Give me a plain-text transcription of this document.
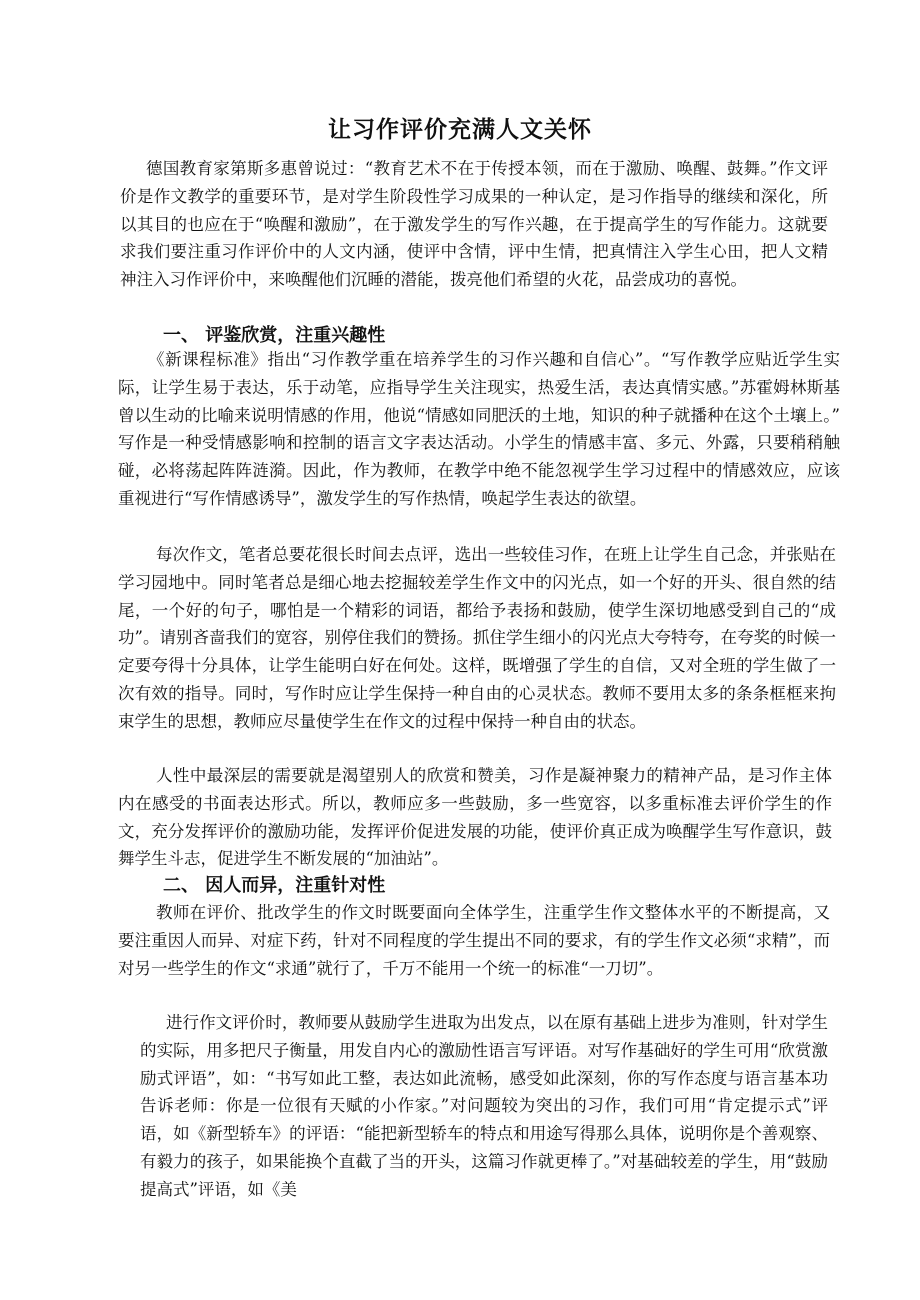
让习作评价充满人文关怀

德国教育家第斯多惠曾说过：“教育艺术不在于传授本领，而在于激励、唤醒、鼓舞。”作文评价是作文教学的重要环节，是对学生阶段性学习成果的一种认定，是习作指导的继续和深化，所以其目的也应在于“唤醒和激励”，在于激发学生的写作兴趣，在于提高学生的写作能力。这就要求我们要注重习作评价中的人文内涵，使评中含情，评中生情，把真情注入学生心田，把人文精神注入习作评价中，来唤醒他们沉睡的潜能，拨亮他们希望的火花，品尝成功的喜悦。

一、 评鉴欣赏，注重兴趣性

《新课程标准》指出“习作教学重在培养学生的习作兴趣和自信心”。“写作教学应贴近学生实际，让学生易于表达，乐于动笔，应指导学生关注现实，热爱生活，表达真情实感。”苏霍姆林斯基曾以生动的比喻来说明情感的作用，他说“情感如同肥沃的土地，知识的种子就播种在这个土壤上。” 写作是一种受情感影响和控制的语言文字表达活动。小学生的情感丰富、多元、外露，只要稍稍触碰，必将荡起阵阵涟漪。因此，作为教师，在教学中绝不能忽视学生学习过程中的情感效应，应该重视进行“写作情感诱导”，激发学生的写作热情，唤起学生表达的欲望。

每次作文，笔者总要花很长时间去点评，选出一些较佳习作，在班上让学生自己念，并张贴在学习园地中。同时笔者总是细心地去挖掘较差学生作文中的闪光点，如一个好的开头、很自然的结尾，一个好的句子，哪怕是一个精彩的词语，都给予表扬和鼓励，使学生深切地感受到自己的“成功”。请别吝啬我们的宽容，别停住我们的赞扬。抓住学生细小的闪光点大夸特夸，在夸奖的时候一定要夸得十分具体，让学生能明白好在何处。这样，既增强了学生的自信，又对全班的学生做了一次有效的指导。同时，写作时应让学生保持一种自由的心灵状态。教师不要用太多的条条框框来拘束学生的思想，教师应尽量使学生在作文的过程中保持一种自由的状态。

人性中最深层的需要就是渴望别人的欣赏和赞美，习作是凝神聚力的精神产品，是习作主体内在感受的书面表达形式。所以，教师应多一些鼓励，多一些宽容，以多重标准去评价学生的作文，充分发挥评价的激励功能，发挥评价促进发展的功能，使评价真正成为唤醒学生写作意识，鼓舞学生斗志，促进学生不断发展的“加油站”。

二、 因人而异，注重针对性

教师在评价、批改学生的作文时既要面向全体学生，注重学生作文整体水平的不断提高，又要注重因人而异、对症下药，针对不同程度的学生提出不同的要求，有的学生作文必须“求精”，而对另一些学生的作文“求通”就行了，千万不能用一个统一的标准“一刀切”。

进行作文评价时，教师要从鼓励学生进取为出发点，以在原有基础上进步为准则，针对学生的实际，用多把尺子衡量，用发自内心的激励性语言写评语。对写作基础好的学生可用“欣赏激励式评语”，如：“书写如此工整，表达如此流畅，感受如此深刻，你的写作态度与语言基本功告诉老师：你是一位很有天赋的小作家。”对问题较为突出的习作，我们可用“肯定提示式”评语，如《新型轿车》的评语：“能把新型轿车的特点和用途写得那么具体，说明你是个善观察、有毅力的孩子，如果能换个直截了当的开头，这篇习作就更棒了。”对基础较差的学生，用“鼓励提高式”评语，如《美
